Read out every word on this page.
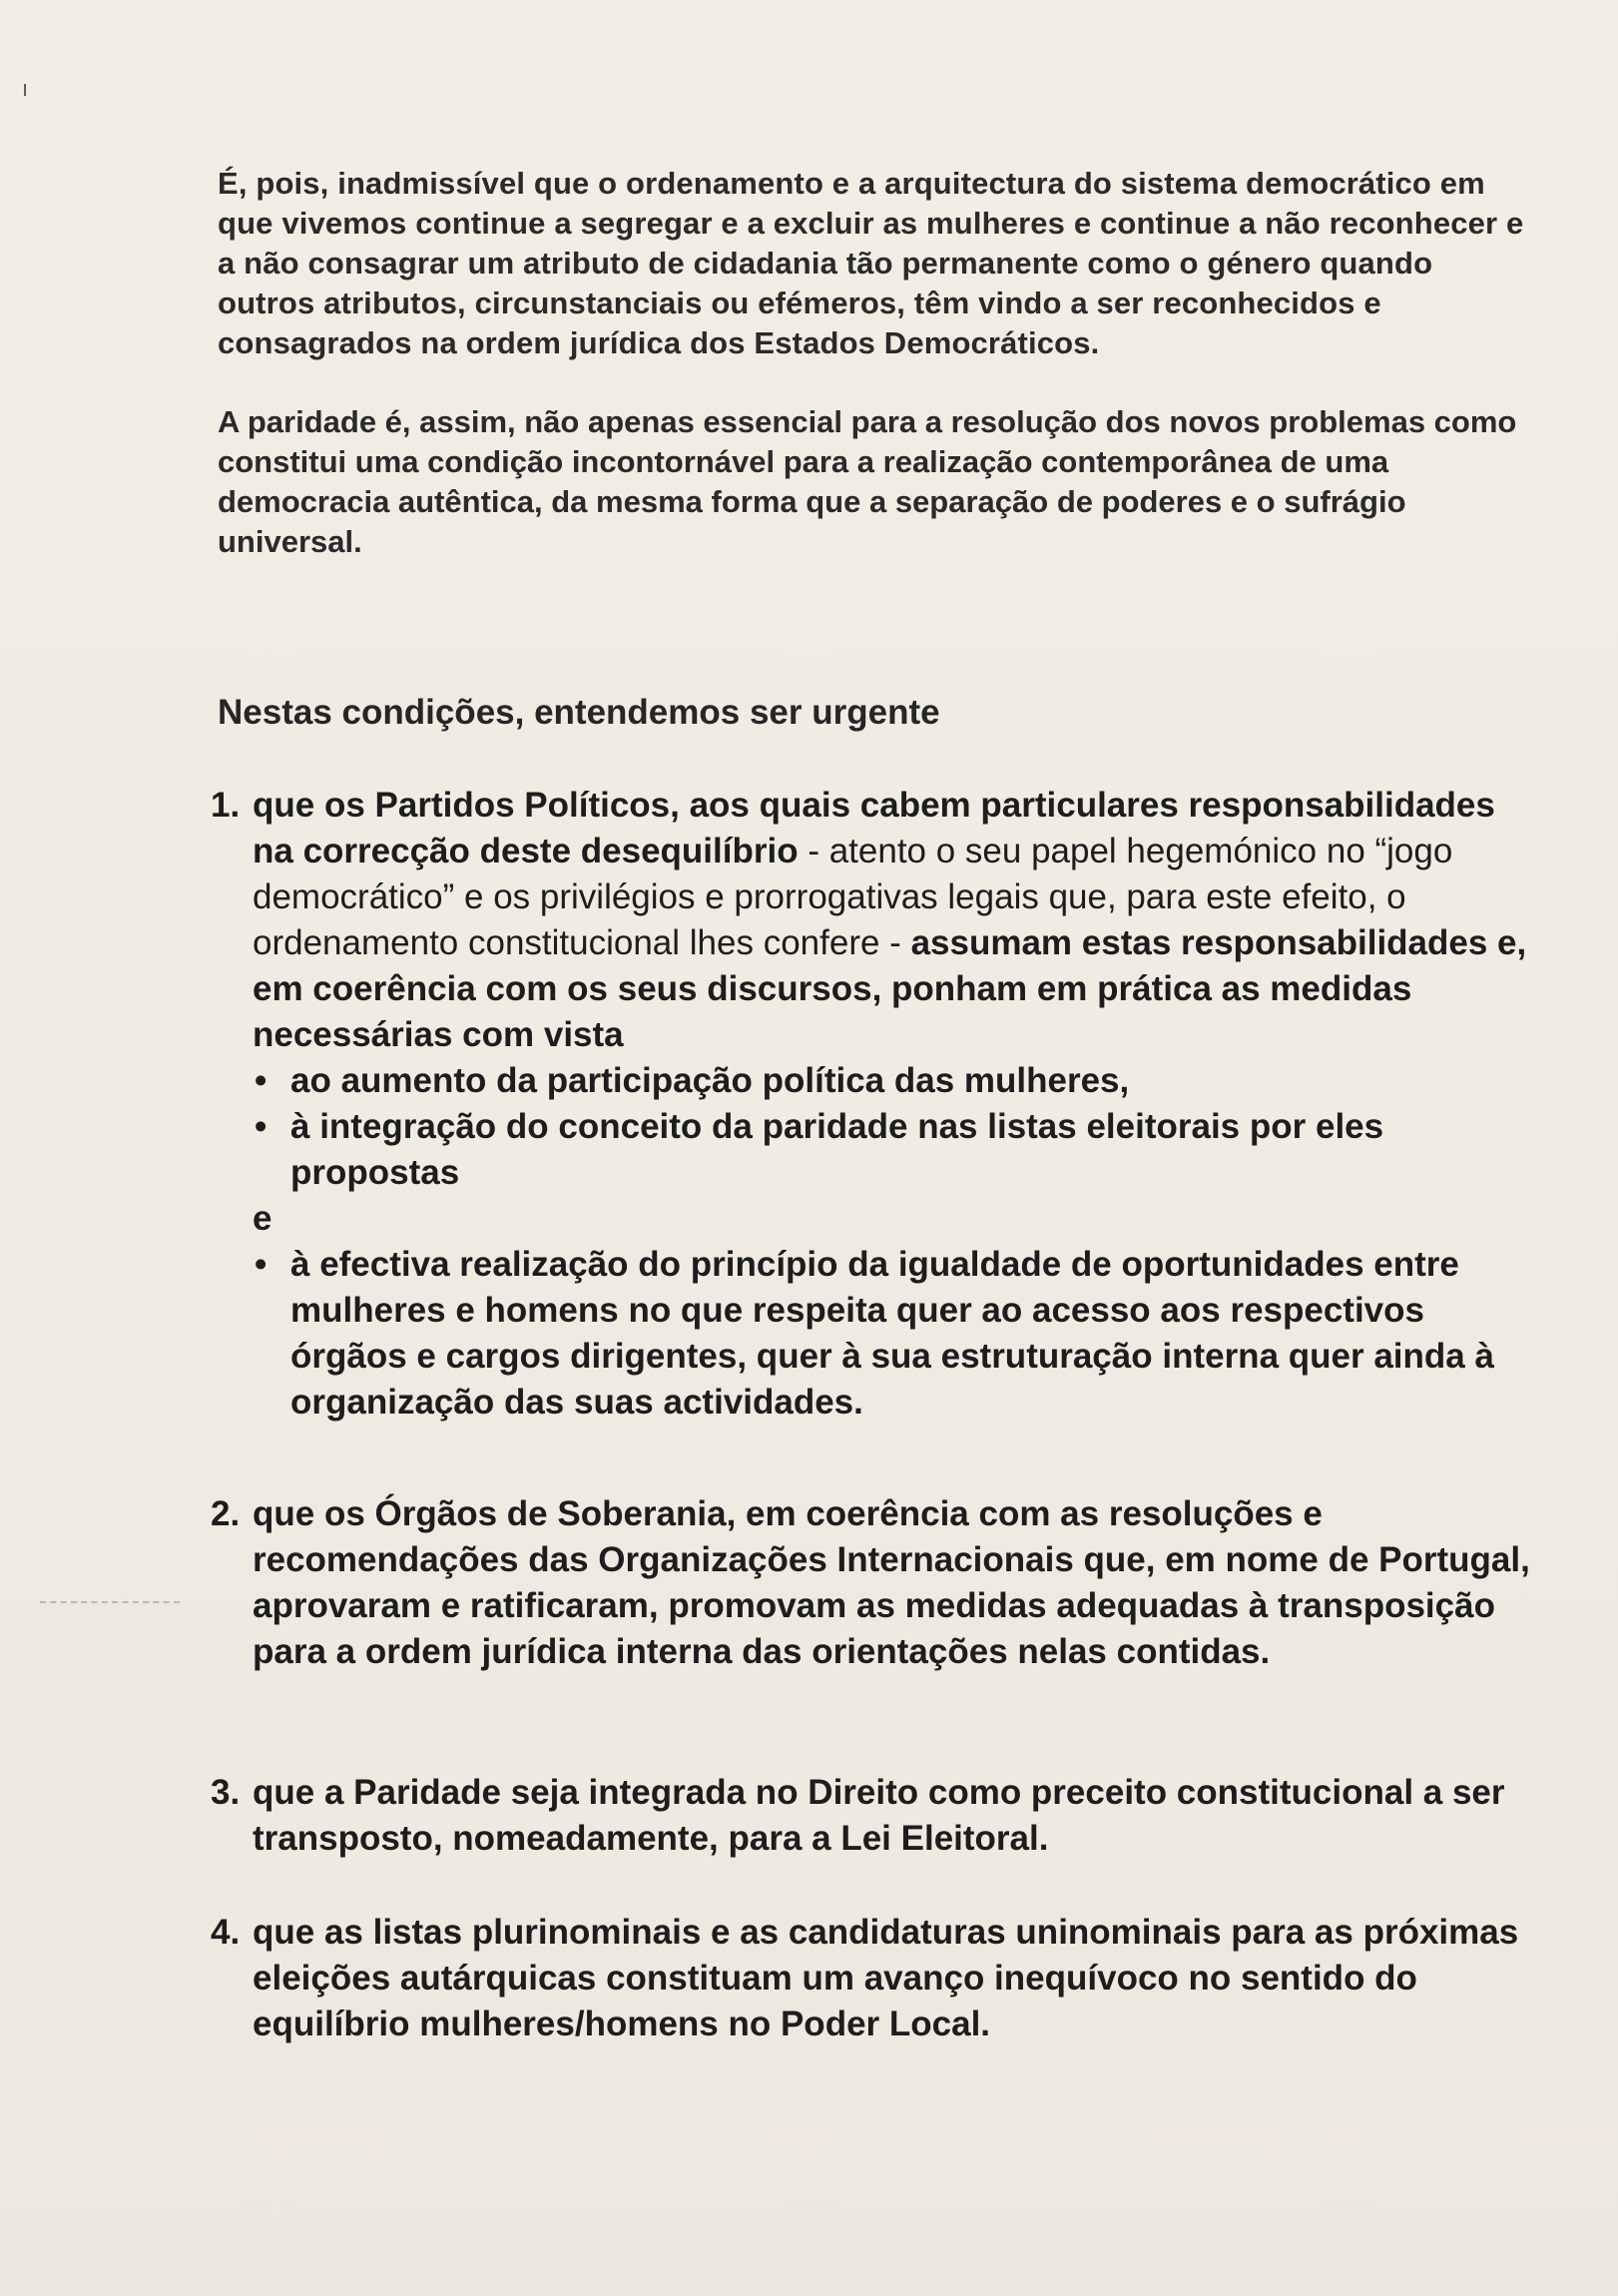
ı

É, pois, inadmissível que o ordenamento e a arquitectura do sistema democrático em que vivemos continue a segregar e a excluir as mulheres e continue a não reconhecer e a não consagrar um atributo de cidadania tão permanente como o género quando outros atributos, circunstanciais ou efémeros, têm vindo a ser reconhecidos e consagrados na ordem jurídica dos Estados Democráticos.

A paridade é, assim, não apenas essencial para a resolução dos novos problemas como constitui uma condição incontornável para a realização contemporânea de uma democracia autêntica, da mesma forma que a separação de poderes e o sufrágio universal.

Nestas condições, entendemos ser urgente

1. que os Partidos Políticos, aos quais cabem particulares responsabilidades na correcção deste desequilíbrio - atento o seu papel hegemónico no “jogo democrático” e os privilégios e prorrogativas legais que, para este efeito, o ordenamento constitucional lhes confere - assumam estas responsabilidades e, em coerência com os seus discursos, ponham em prática as medidas necessárias com vista
• ao aumento da participação política das mulheres,
• à integração do conceito da paridade nas listas eleitorais por eles propostas
e
• à efectiva realização do princípio da igualdade de oportunidades entre mulheres e homens no que respeita quer ao acesso aos respectivos órgãos e cargos dirigentes, quer à sua estruturação interna quer ainda à organização das suas actividades.
2. que os Órgãos de Soberania, em coerência com as resoluções e recomendações das Organizações Internacionais que, em nome de Portugal, aprovaram e ratificaram, promovam as medidas adequadas à transposição para a ordem jurídica interna das orientações nelas contidas.
3. que a Paridade seja integrada no Direito como preceito constitucional a ser transposto, nomeadamente, para a Lei Eleitoral.
4. que as listas plurinominais e as candidaturas uninominais para as próximas eleições autárquicas constituam um avanço inequívoco no sentido do equilíbrio mulheres/homens no Poder Local.
